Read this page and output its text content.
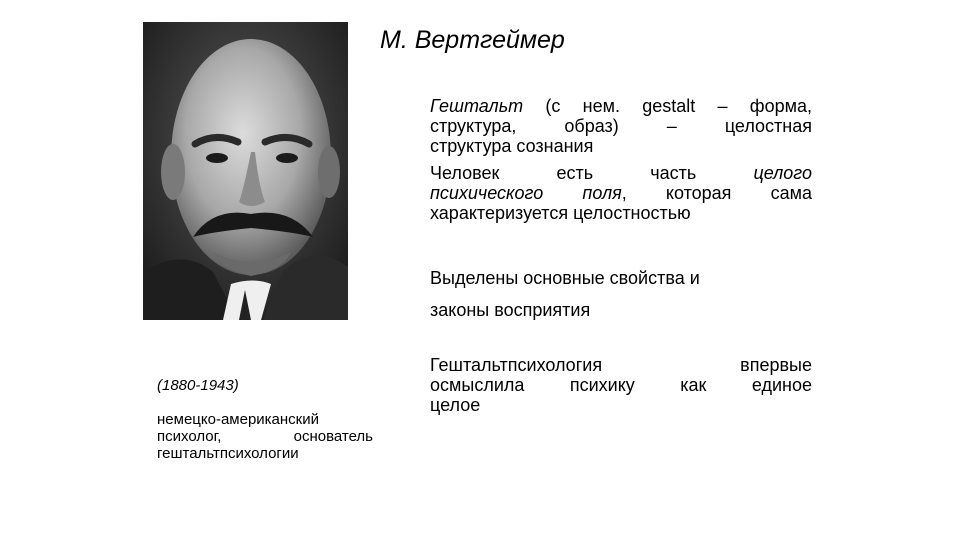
М. Вертгеймер
Гештальт (с нем. gestalt – форма,
структура, образ) – целостная
структура сознания
Человек есть часть целого
психического поля, которая сама
характеризуется целостностью
Выделены основные свойства и
законы восприятия
Гештальтпсихология впервые
осмыслила психику как единое
целое
(1880-1943)
немецко-американский
психолог, основатель
гештальтпсихологии
